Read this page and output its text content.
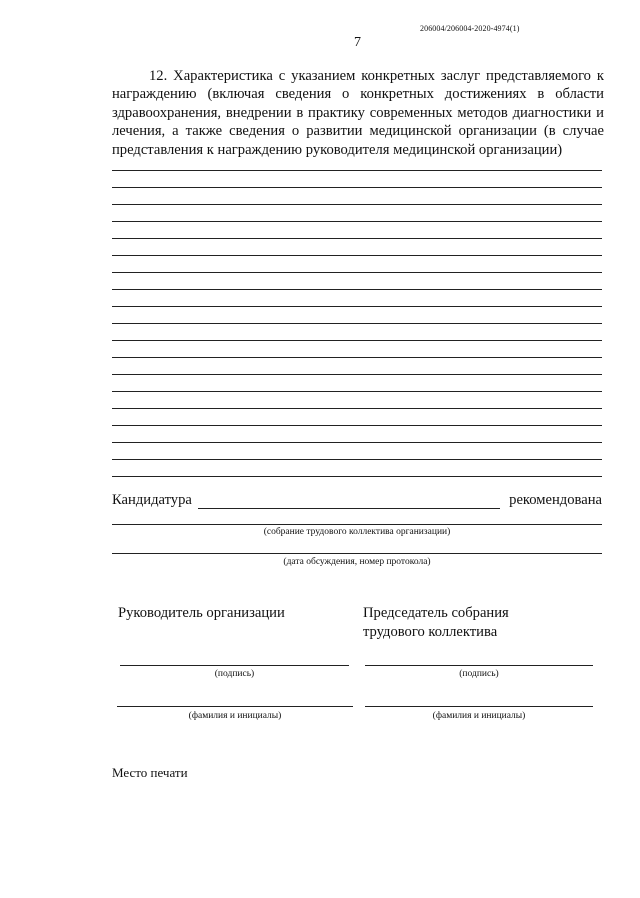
206004/206004-2020-4974(1)
7
12. Характеристика с указанием конкретных заслуг представляемого к награждению (включая сведения о конкретных достижениях в области здравоохранения, внедрении в практику современных методов диагностики и лечения, а также сведения о развитии медицинской организации (в случае представления к награждению руководителя медицинской организации)
Кандидатура	рекомендована
(собрание трудового коллектива организации)
(дата обсуждения, номер протокола)
Руководитель организации	Председатель собрания
трудового коллектива
(подпись)	(подпись)
(фамилия и инициалы)	(фамилия и инициалы)
Место печати
